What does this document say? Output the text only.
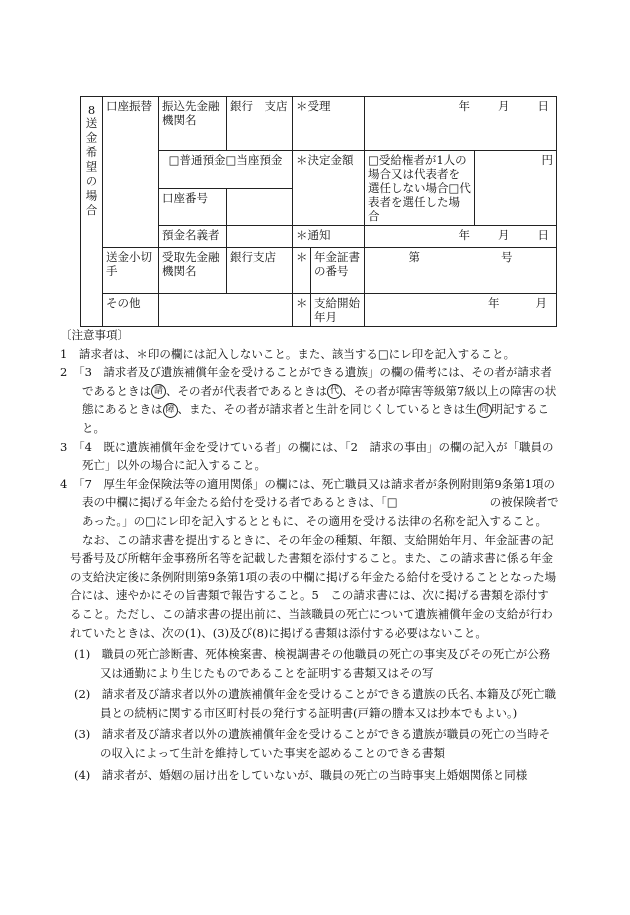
8
送金希望の場合	口座振替	振込先金融機関名	銀行　支店	＊受理		年 月 日	

		□普通預金□当座預金		＊決定金額		□受給権者が1人の場合又は代表者を選任しない場合□代表者を選任した場合	円
		口座番号					
		預金名義者		＊通知		年 月 日	

	送金小切手	受取先金融機関名	銀行支店	＊	年金証書の番号	第 号	

	その他			＊	支給開始年月	年 月	

〔注意事項〕

1　請求者は、＊印の欄には記入しないこと。また、該当する□にレ印を記入すること。

2　「3　請求者及び遺族補償年金を受けることができる遺族」の欄の備考には、その者が請求者であるときは 請 、その者が代表者であるときは 代 、その者が障害等級第7級以上の障害の状態にあるときは 障 、また、その者が請求者と生計を同じくしているときは生 同 明記すること。

3　「4　既に遺族補償年金を受けている者」の欄には、「2　請求の事由」の欄の記入が「職員の死亡」以外の場合に記入すること。

4　「7　厚生年金保険法等の適用関係」の欄には、死亡職員又は請求者が条例附則第9条第1項の表の中欄に掲げる年金たる給付を受ける者であるときは、「□　　　　　　　　の被保険者であった。」の□にレ印を記入するとともに、その適用を受ける法律の名称を記入すること。

なお、この請求書を提出するときに、その年金の種類、年額、支給開始年月、年金証書の記号番号及び所轄年金事務所名等を記載した書類を添付すること。また、この請求書に係る年金の支給決定後に条例附則第9条第1項の表の中欄に掲げる年金たる給付を受けることとなった場合には、速やかにその旨書類で報告すること。5　この請求書には、次に掲げる書類を添付すること。ただし、この請求書の提出前に、当該職員の死亡について遺族補償年金の支給が行われていたときは、次の(1)、(3)及び(8)に掲げる書類は添付する必要はないこと。

(1)　職員の死亡診断書、死体検案書、検視調書その他職員の死亡の事実及びその死亡が公務又は通勤により生じたものであることを証明する書類又はその写

(2)　請求者及び請求者以外の遺族補償年金を受けることができる遺族の氏名､本籍及び死亡職員との続柄に関する市区町村長の発行する証明書(戸籍の謄本又は抄本でもよい。)

(3)　請求者及び請求者以外の遺族補償年金を受けることができる遺族が職員の死亡の当時その収入によって生計を維持していた事実を認めることのできる書類

(4)　請求者が、婚姻の届け出をしていないが、職員の死亡の当時事実上婚姻関係と同様
